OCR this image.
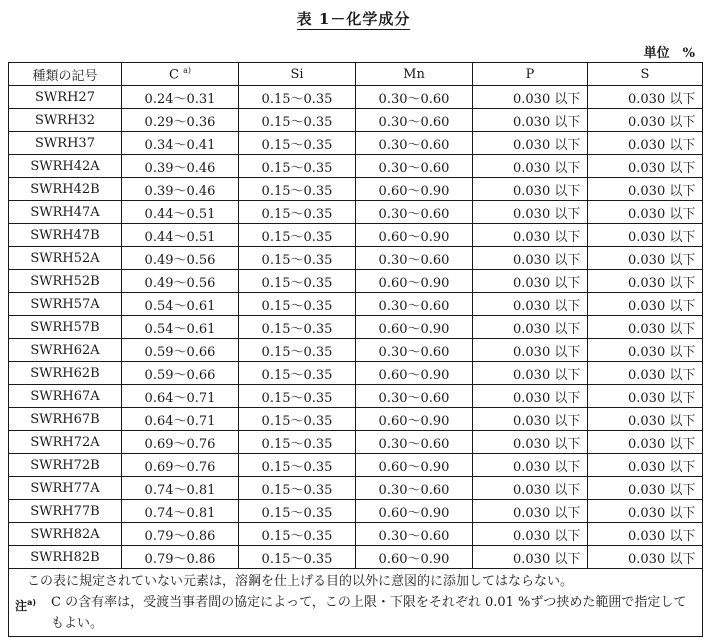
表 1－化学成分
単位　%
種類の記号	C $^{a)}$	Si	Mn	P	S
SWRH27	0.24～0.31	0.15～0.35	0.30～0.60	0.030 以下	0.030 以下
SWRH32	0.29～0.36	0.15～0.35	0.30～0.60	0.030 以下	0.030 以下
SWRH37	0.34～0.41	0.15～0.35	0.30～0.60	0.030 以下	0.030 以下
SWRH42A	0.39～0.46	0.15～0.35	0.30～0.60	0.030 以下	0.030 以下
SWRH42B	0.39～0.46	0.15～0.35	0.60～0.90	0.030 以下	0.030 以下
SWRH47A	0.44～0.51	0.15～0.35	0.30～0.60	0.030 以下	0.030 以下
SWRH47B	0.44～0.51	0.15～0.35	0.60～0.90	0.030 以下	0.030 以下
SWRH52A	0.49～0.56	0.15～0.35	0.30～0.60	0.030 以下	0.030 以下
SWRH52B	0.49～0.56	0.15～0.35	0.60～0.90	0.030 以下	0.030 以下
SWRH57A	0.54～0.61	0.15～0.35	0.30～0.60	0.030 以下	0.030 以下
SWRH57B	0.54～0.61	0.15～0.35	0.60～0.90	0.030 以下	0.030 以下
SWRH62A	0.59～0.66	0.15～0.35	0.30～0.60	0.030 以下	0.030 以下
SWRH62B	0.59～0.66	0.15～0.35	0.60～0.90	0.030 以下	0.030 以下
SWRH67A	0.64～0.71	0.15～0.35	0.30～0.60	0.030 以下	0.030 以下
SWRH67B	0.64～0.71	0.15～0.35	0.60～0.90	0.030 以下	0.030 以下
SWRH72A	0.69～0.76	0.15～0.35	0.30～0.60	0.030 以下	0.030 以下
SWRH72B	0.69～0.76	0.15～0.35	0.60～0.90	0.030 以下	0.030 以下
SWRH77A	0.74～0.81	0.15～0.35	0.30～0.60	0.030 以下	0.030 以下
SWRH77B	0.74～0.81	0.15～0.35	0.60～0.90	0.030 以下	0.030 以下
SWRH82A	0.79～0.86	0.15～0.35	0.30～0.60	0.030 以下	0.030 以下
SWRH82B	0.79～0.86	0.15～0.35	0.60～0.90	0.030 以下	0.030 以下

この表に規定されていない元素は，溶鋼を仕上げる目的以外に意図的に添加してはならない。
注$^{a)}$ C の含有率は，受渡当事者間の協定によって，この上限・下限をそれぞれ 0.01 %ずつ挟めた範囲で指定してもよい。					
